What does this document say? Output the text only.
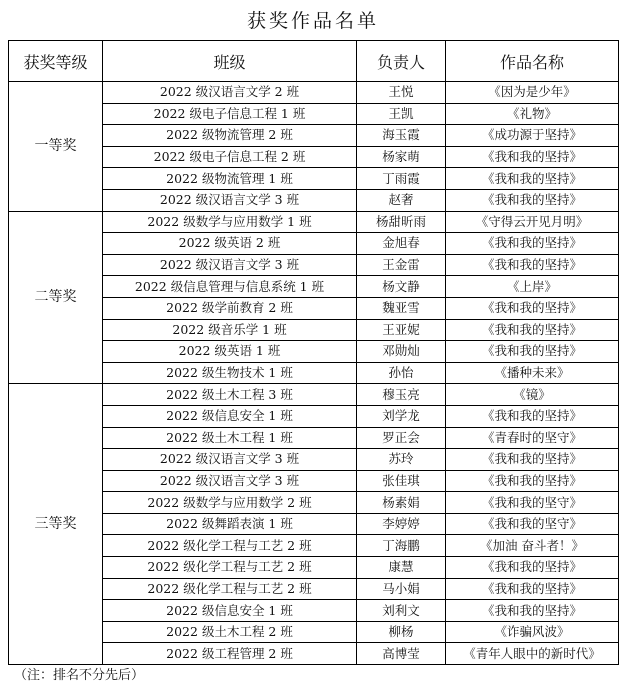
获奖作品名单
获奖等级	班级	负责人	作品名称
一等奖	2022 级汉语言文学 2 班	王悦	《因为是少年》
	2022 级电子信息工程 1 班	王凯	《礼物》
	2022 级物流管理 2 班	海玉霞	《成功源于坚持》
	2022 级电子信息工程 2 班	杨家萌	《我和我的坚持》
	2022 级物流管理 1 班	丁雨霞	《我和我的坚持》
	2022 级汉语言文学 3 班	赵奢	《我和我的坚持》
二等奖	2022 级数学与应用数学 1 班	杨甜昕雨	《守得云开见月明》
	2022 级英语 2 班	金旭春	《我和我的坚持》
	2022 级汉语言文学 3 班	王金雷	《我和我的坚持》
	2022 级信息管理与信息系统 1 班	杨文静	《上岸》
	2022 级学前教育 2 班	魏亚雪	《我和我的坚持》
	2022 级音乐学 1 班	王亚妮	《我和我的坚持》
	2022 级英语 1 班	邓勋灿	《我和我的坚持》
	2022 级生物技术 1 班	孙怡	《播种未来》
三等奖	2022 级土木工程 3 班	穆玉亮	《镜》
	2022 级信息安全 1 班	刘学龙	《我和我的坚持》
	2022 级土木工程 1 班	罗正会	《青春时的坚守》
	2022 级汉语言文学 3 班	苏玲	《我和我的坚持》
	2022 级汉语言文学 3 班	张佳琪	《我和我的坚持》
	2022 级数学与应用数学 2 班	杨素娟	《我和我的坚守》
	2022 级舞蹈表演 1 班	李婷婷	《我和我的坚守》
	2022 级化学工程与工艺 2 班	丁海鹏	《加油 奋斗者！》
	2022 级化学工程与工艺 2 班	康慧	《我和我的坚持》
	2022 级化学工程与工艺 2 班	马小娟	《我和我的坚持》
	2022 级信息安全 1 班	刘利文	《我和我的坚持》
	2022 级土木工程 2 班	柳杨	《诈骗风波》
	2022 级工程管理 2 班	高博莹	《青年人眼中的新时代》
（注：排名不分先后）
